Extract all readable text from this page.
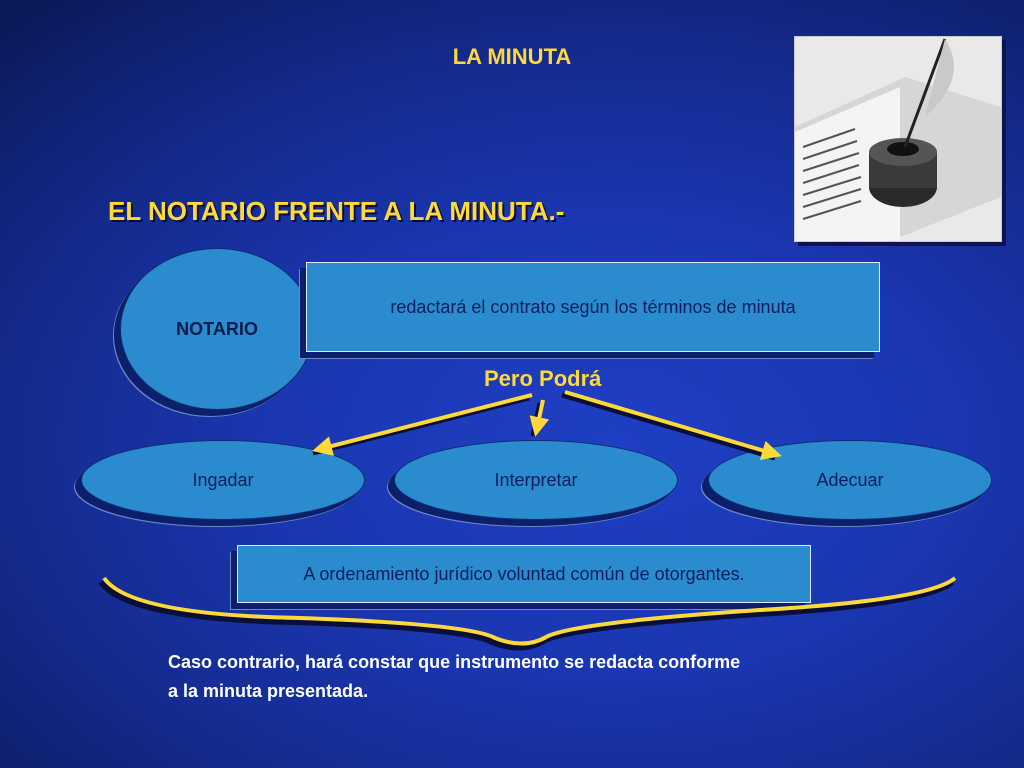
LA MINUTA
EL NOTARIO FRENTE A LA MINUTA.-
NOTARIO
redactará el contrato según los términos de minuta
Pero Podrá
Ingadar	Interpretar	Adecuar
A ordenamiento jurídico voluntad común de otorgantes.
Caso contrario, hará constar que instrumento se redacta conforme
a la minuta presentada.
